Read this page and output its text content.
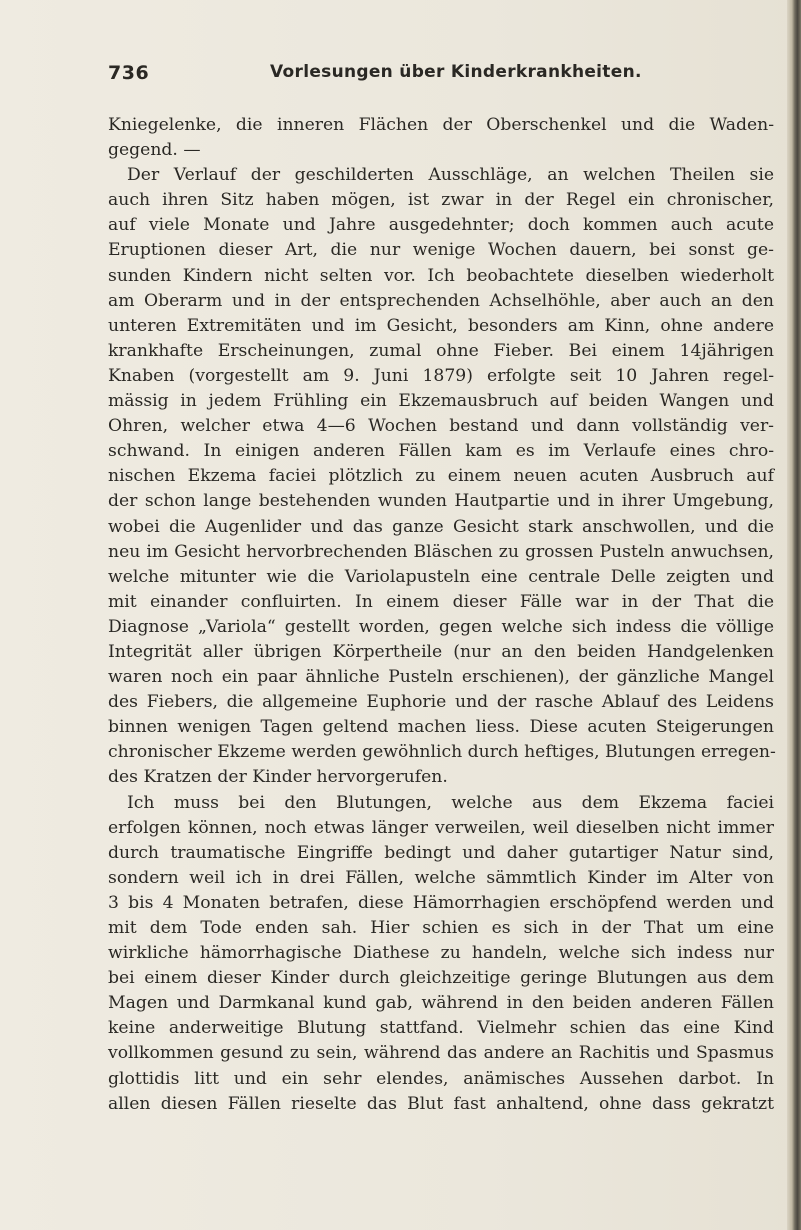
736	Vorlesungen über Kinderkrankheiten.
Kniegelenke, die inneren Flächen der Oberschenkel und die Waden-
gegend. —
Der Verlauf der geschilderten Ausschläge, an welchen Theilen sie
auch ihren Sitz haben mögen, ist zwar in der Regel ein chronischer,
auf viele Monate und Jahre ausgedehnter; doch kommen auch acute
Eruptionen dieser Art, die nur wenige Wochen dauern, bei sonst ge-
sunden Kindern nicht selten vor. Ich beobachtete dieselben wiederholt
am Oberarm und in der entsprechenden Achselhöhle, aber auch an den
unteren Extremitäten und im Gesicht, besonders am Kinn, ohne andere
krankhafte Erscheinungen, zumal ohne Fieber. Bei einem 14jährigen
Knaben (vorgestellt am 9. Juni 1879) erfolgte seit 10 Jahren regel-
mässig in jedem Frühling ein Ekzemausbruch auf beiden Wangen und
Ohren, welcher etwa 4—6 Wochen bestand und dann vollständig ver-
schwand. In einigen anderen Fällen kam es im Verlaufe eines chro-
nischen Ekzema faciei plötzlich zu einem neuen acuten Ausbruch auf
der schon lange bestehenden wunden Hautpartie und in ihrer Umgebung,
wobei die Augenlider und das ganze Gesicht stark anschwollen, und die
neu im Gesicht hervorbrechenden Bläschen zu grossen Pusteln anwuchsen,
welche mitunter wie die Variolapusteln eine centrale Delle zeigten und
mit einander confluirten. In einem dieser Fälle war in der That die
Diagnose „Variola“ gestellt worden, gegen welche sich indess die völlige
Integrität aller übrigen Körpertheile (nur an den beiden Handgelenken
waren noch ein paar ähnliche Pusteln erschienen), der gänzliche Mangel
des Fiebers, die allgemeine Euphorie und der rasche Ablauf des Leidens
binnen wenigen Tagen geltend machen liess. Diese acuten Steigerungen
chronischer Ekzeme werden gewöhnlich durch heftiges, Blutungen erregen-
des Kratzen der Kinder hervorgerufen.
Ich muss bei den Blutungen, welche aus dem Ekzema faciei
erfolgen können, noch etwas länger verweilen, weil dieselben nicht immer
durch traumatische Eingriffe bedingt und daher gutartiger Natur sind,
sondern weil ich in drei Fällen, welche sämmtlich Kinder im Alter von
3 bis 4 Monaten betrafen, diese Hämorrhagien erschöpfend werden und
mit dem Tode enden sah. Hier schien es sich in der That um eine
wirkliche hämorrhagische Diathese zu handeln, welche sich indess nur
bei einem dieser Kinder durch gleichzeitige geringe Blutungen aus dem
Magen und Darmkanal kund gab, während in den beiden anderen Fällen
keine anderweitige Blutung stattfand. Vielmehr schien das eine Kind
vollkommen gesund zu sein, während das andere an Rachitis und Spasmus
glottidis litt und ein sehr elendes, anämisches Aussehen darbot. In
allen diesen Fällen rieselte das Blut fast anhaltend, ohne dass gekratzt
